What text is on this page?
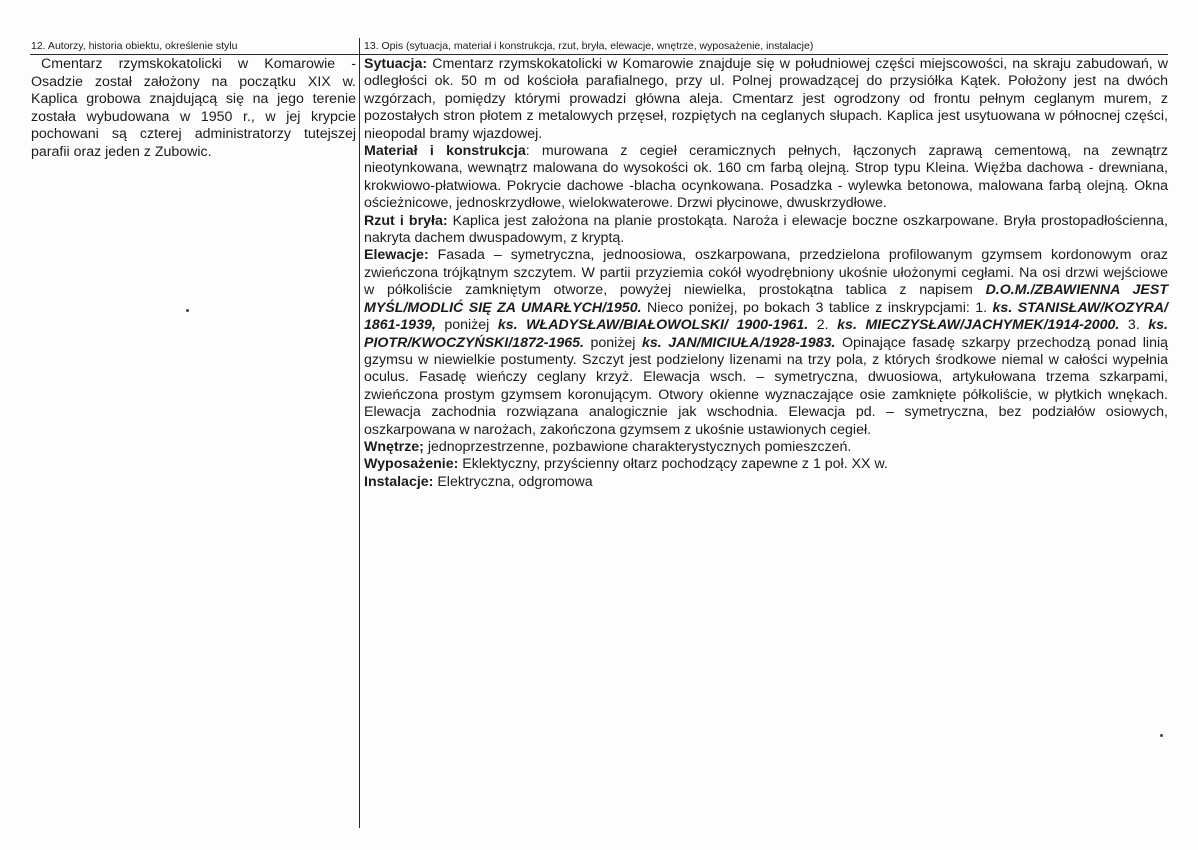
12. Autorzy, historia obiektu, określenie stylu	13. Opis (sytuacja, materiał i konstrukcja, rzut, bryła, elewacje, wnętrze, wyposażenie, instalacje)

Cmentarz rzymskokatolicki w Komarowie - Osadzie został założony na początku XIX w. Kaplica grobowa znajdującą się na jego terenie została wybudowana w 1950 r., w jej krypcie pochowani są czterej administratorzy tutejszej parafii oraz jeden z Zubowic.

Sytuacja: Cmentarz rzymskokatolicki w Komarowie znajduje się w południowej części miejscowości, na skraju zabudowań, w odległości ok. 50 m od kościoła parafialnego, przy ul. Polnej prowadzącej do przysiółka Kątek. Położony jest na dwóch wzgórzach, pomiędzy którymi prowadzi główna aleja. Cmentarz jest ogrodzony od frontu pełnym ceglanym murem, z pozostałych stron płotem z metalowych przęseł, rozpiętych na ceglanych słupach. Kaplica jest usytuowana w północnej części, nieopodal bramy wjazdowej.

Materiał i konstrukcja: murowana z cegieł ceramicznych pełnych, łączonych zaprawą cementową, na zewnątrz nieotynkowana, wewnątrz malowana do wysokości ok. 160 cm farbą olejną. Strop typu Kleina. Więźba dachowa - drewniana, krokwiowo-płatwiowa. Pokrycie dachowe -blacha ocynkowana. Posadzka - wylewka betonowa, malowana farbą olejną. Okna ościeżnicowe, jednoskrzydłowe, wielokwaterowe. Drzwi płycinowe, dwuskrzydłowe.

Rzut i bryła: Kaplica jest założona na planie prostokąta. Naroża i elewacje boczne oszkarpowane. Bryła prostopadłościenna, nakryta dachem dwuspadowym, z kryptą.

Elewacje: Fasada – symetryczna, jednoosiowa, oszkarpowana, przedzielona profilowanym gzymsem kordonowym oraz zwieńczona trójkątnym szczytem. W partii przyziemia cokół wyodrębniony ukośnie ułożonymi cegłami. Na osi drzwi wejściowe w półkoliście zamkniętym otworze, powyżej niewielka, prostokątna tablica z napisem D.O.M./ZBAWIENNA JEST MYŚL/MODLIĆ SIĘ ZA UMARŁYCH/1950. Nieco poniżej, po bokach 3 tablice z inskrypcjami: 1. ks. STANISŁAW/KOZYRA/ 1861-1939, poniżej ks. WŁADYSŁAW/BIAŁOWOLSKI/ 1900-1961. 2. ks. MIECZYSŁAW/JACHYMEK/1914-2000. 3. ks. PIOTR/KWOCZYŃSKI/1872-1965. poniżej ks. JAN/MICIUŁA/1928-1983. Opinające fasadę szkarpy przechodzą ponad linią gzymsu w niewielkie postumenty. Szczyt jest podzielony lizenami na trzy pola, z których środkowe niemal w całości wypełnia oculus. Fasadę wieńczy ceglany krzyż. Elewacja wsch. – symetryczna, dwuosiowa, artykułowana trzema szkarpami, zwieńczona prostym gzymsem koronującym. Otwory okienne wyznaczające osie zamknięte półkoliście, w płytkich wnękach. Elewacja zachodnia rozwiązana analogicznie jak wschodnia. Elewacja pd. – symetryczna, bez podziałów osiowych, oszkarpowana w narożach, zakończona gzymsem z ukośnie ustawionych cegieł.

Wnętrze; jednoprzestrzenne, pozbawione charakterystycznych pomieszczeń.

Wyposażenie: Eklektyczny, przyścienny ołtarz pochodzący zapewne z 1 poł. XX w.

Instalacje: Elektryczna, odgromowa
